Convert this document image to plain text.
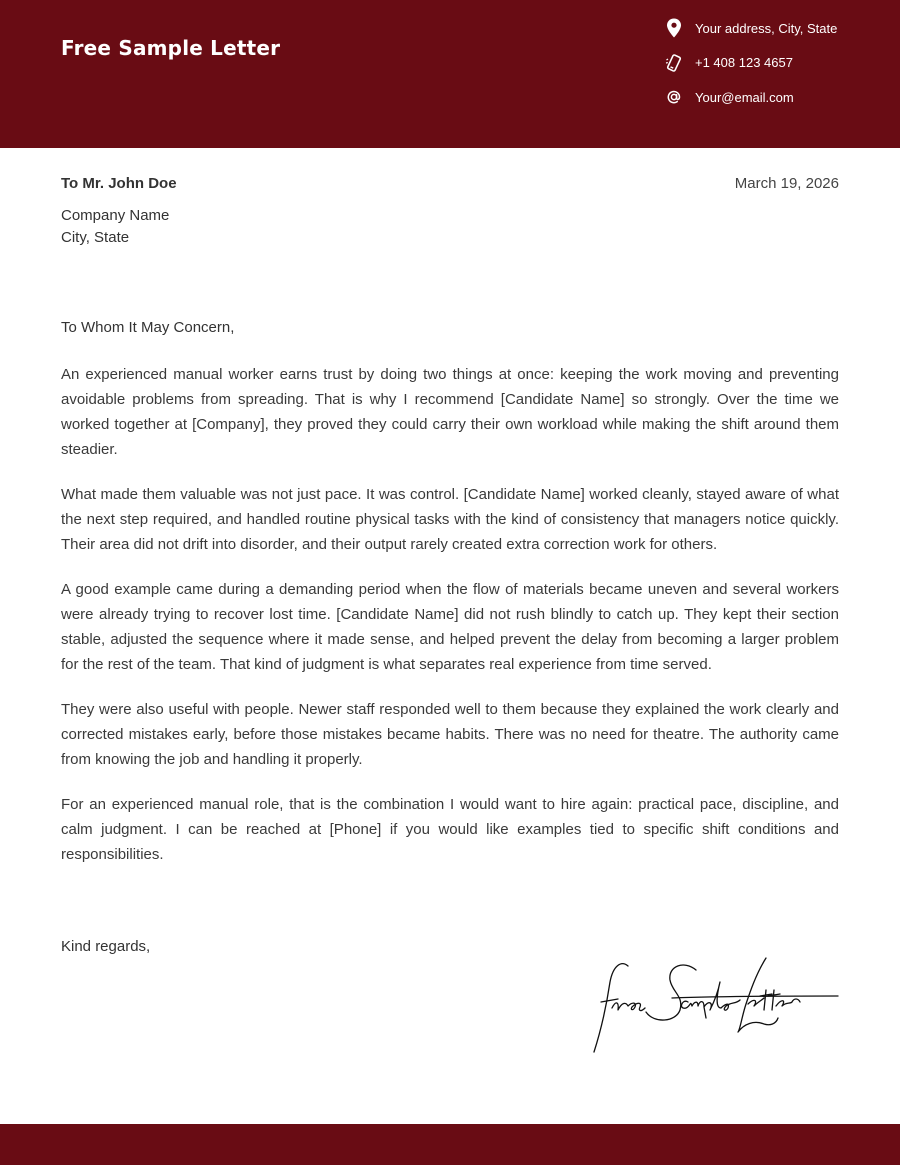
Free Sample Letter
Your address, City, State
+1 408 123 4657
Your@email.com
To Mr. John Doe	March 19, 2026
Company Name
City, State
To Whom It May Concern,

An experienced manual worker earns trust by doing two things at once: keeping the work moving and preventing avoidable problems from spreading. That is why I recommend [Candidate Name] so strongly. Over the time we worked together at [Company], they proved they could carry their own workload while making the shift around them steadier.

What made them valuable was not just pace. It was control. [Candidate Name] worked cleanly, stayed aware of what the next step required, and handled routine physical tasks with the kind of consistency that managers notice quickly. Their area did not drift into disorder, and their output rarely created extra correction work for others.

A good example came during a demanding period when the flow of materials became uneven and several workers were already trying to recover lost time. [Candidate Name] did not rush blindly to catch up. They kept their section stable, adjusted the sequence where it made sense, and helped prevent the delay from becoming a larger problem for the rest of the team. That kind of judgment is what separates real experience from time served.

They were also useful with people. Newer staff responded well to them because they explained the work clearly and corrected mistakes early, before those mistakes became habits. There was no need for theatre. The authority came from knowing the job and handling it properly.

For an experienced manual role, that is the combination I would want to hire again: practical pace, discipline, and calm judgment. I can be reached at [Phone] if you would like examples tied to specific shift conditions and responsibilities.

Kind regards,
